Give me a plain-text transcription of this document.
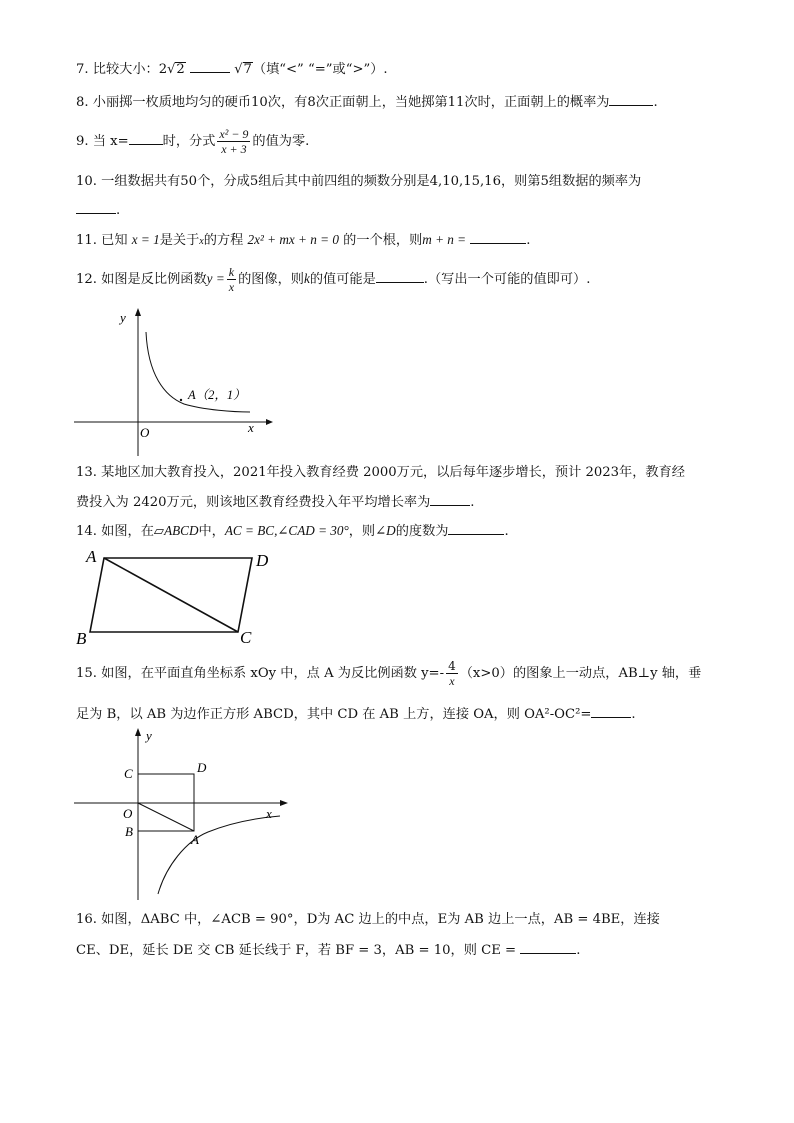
7. 比较大小：2√2	√7（填“<” “=”或“>”）.
8. 小丽掷一枚质地均匀的硬币10次，有8次正面朝上，当她掷第11次时，正面朝上的概率为	.
9. 当 x=	时，分式 $\frac{\text{x² − 9}}{x + 3}$ 的值为零.
10. 一组数据共有50个，分成5组后其中前四组的频数分别是4,10,15,16，则第5组数据的频率为
.
11. 已知 x = 1是关于x的方程 2x² + mx + n = 0 的一个根，则m + n =	.
12. 如图是反比例函数$y = \frac{k}{x}$ 的图像，则k的值可能是	.（写出一个可能的值即可）.
y
x
O
A（2，1）
13. 某地区加大教育投入，2021年投入教育经费 2000万元，以后每年逐步增长，预计 2023年，教育经
费投入为 2420万元，则该地区教育经费投入年平均增长率为	.
14. 如图，在▱ABCD中，AC = BC,∠CAD = 30°，则∠D的度数为	.
A	D
B	C
15. 如图，在平面直角坐标系 xOy 中，点 A 为反比例函数 $y=- \frac{4}{x} (x>0)$的图象上一动点，AB⊥y 轴，垂
足为 B，以 AB 为边作正方形 ABCD，其中 CD 在 AB 上方，连接 OA，则 OA²-OC²=	.
y
x
O
C	D
B
A
16. 如图，ΔABC 中，∠ACB = 90°，D为 AC 边上的中点，E为 AB 边上一点，AB = 4BE，连接
CE、DE，延长 DE 交 CB 延长线于 F，若 BF = 3，AB = 10，则 CE =	.
